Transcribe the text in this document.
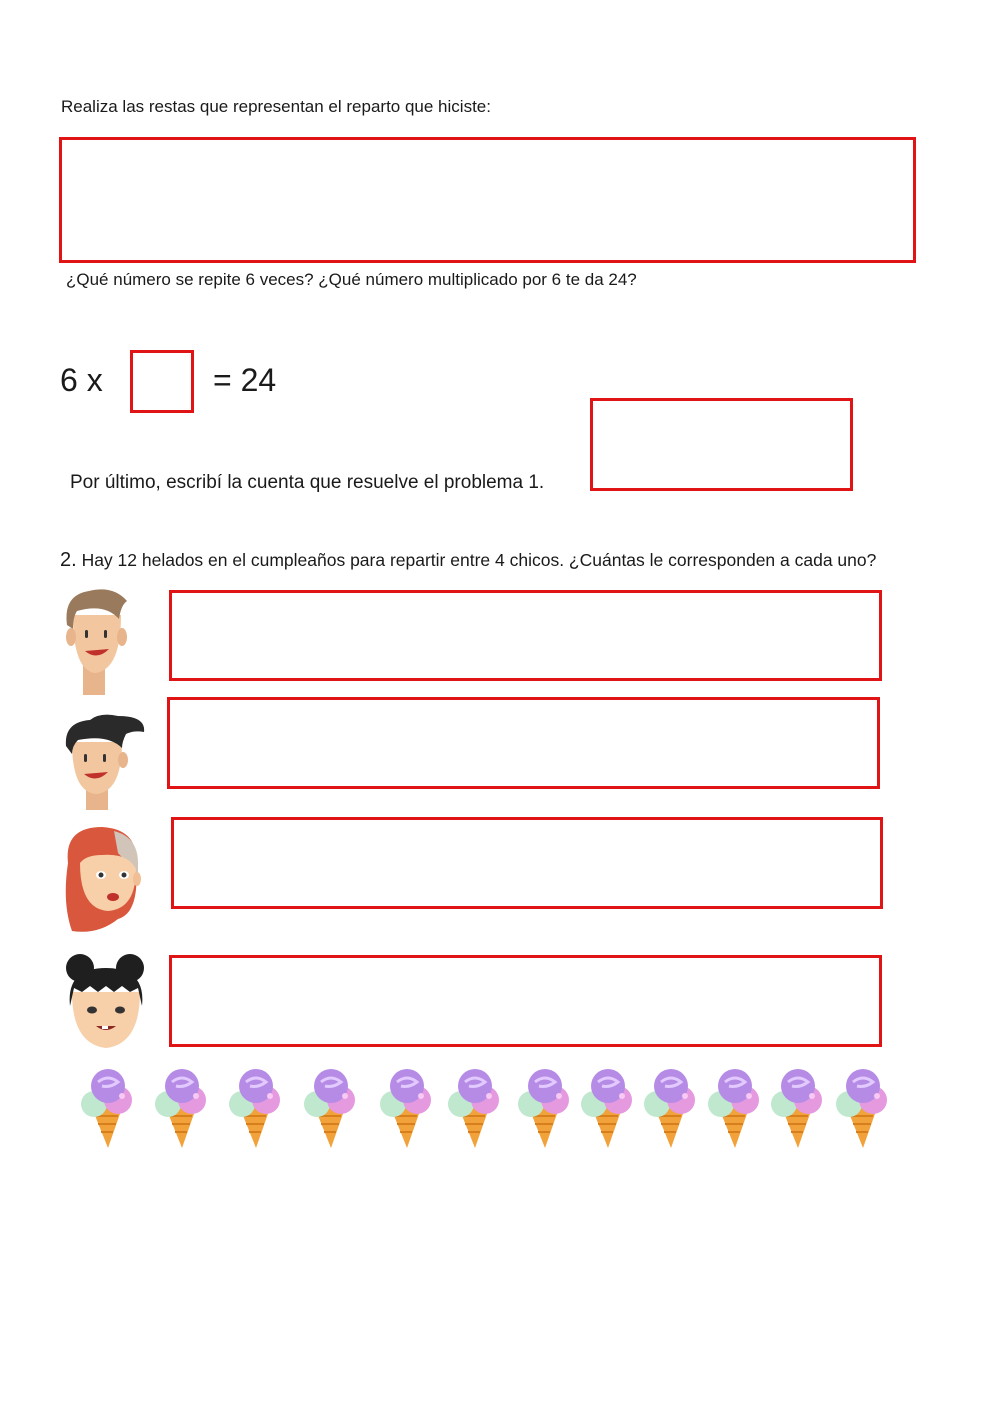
Realiza las restas que representan el reparto que hiciste:
¿Qué número se repite 6 veces? ¿Qué número multiplicado por 6 te da 24?
6 x	= 24
Por último, escribí la cuenta que resuelve el problema 1.
2. Hay 12 helados en el cumpleaños para repartir entre 4 chicos. ¿Cuántas le corresponden a cada uno?
